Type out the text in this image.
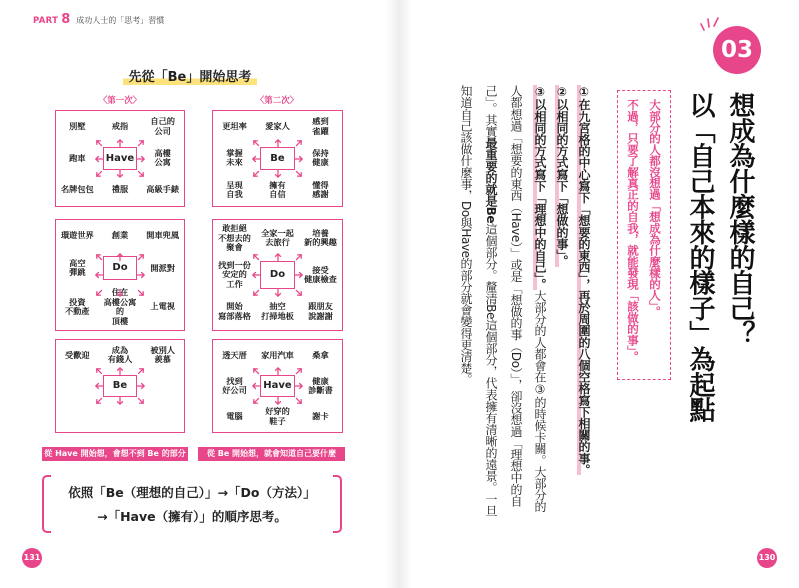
PART 8 成功人士的「思考」習慣
先從「Be」開始思考
〈第一次〉	〈第二次〉
別墅	戒指	自己的
公司
跑車	Have	高樓
公寓
名牌包包	禮服	高級手錶
環遊世界	創業	開車兜風
高空
彈跳	Do	開派對
投資
不動產
住在
高樓公寓的
頂樓
上電視
受歡迎	成為
有錢人
被別人
羨慕
Be
更坦率	愛家人	感到
雀躍
掌握
未來	Be	保持
健康
呈現
自我
擁有
自信
懂得
感謝
敢拒絕
不想去的
聚會
全家一起
去旅行
培養
新的興趣
找到一份
安定的
工作
Do	接受
健康檢查
開始
寫部落格
抽空
打掃地板
跟朋友
說謝謝
透天厝	家用汽車	桑拿
找到
好公司	Have	健康
診斷書
電腦	好穿的
鞋子	謝卡
從 Have 開始想，會想不到 Be 的部分	從 Be 開始想，就會知道自己要什麼
依照「Be（理想的自己）」→「Do（方法）」
→「Have（擁有）」的順序思考。
131
03
想成為什麼樣的自己？
以「自己本來的樣子」為起點
大部分的人都沒想過「想成為什麼樣的人」。
不過，只要了解真正的自我，就能發現「該做的事」。
①在九宮格的中心寫下「想要的東西」，再於周圍的八個空格寫下相關的事。
②以相同的方式寫下「想做的事」。
③以相同的方式寫下「理想中的自己」。大部分的人都會在③的時候卡關。大部分的
人都想過「想要的東西（Have）」或是「想做的事（Do）」，卻沒想過「理想中的自
己」。其實最重要的就是Be這個部分。釐清Be這個部分，代表擁有清晰的遠景。一旦
知道自己該做什麼事，Do與Have的部分就會變得更清楚。
130
